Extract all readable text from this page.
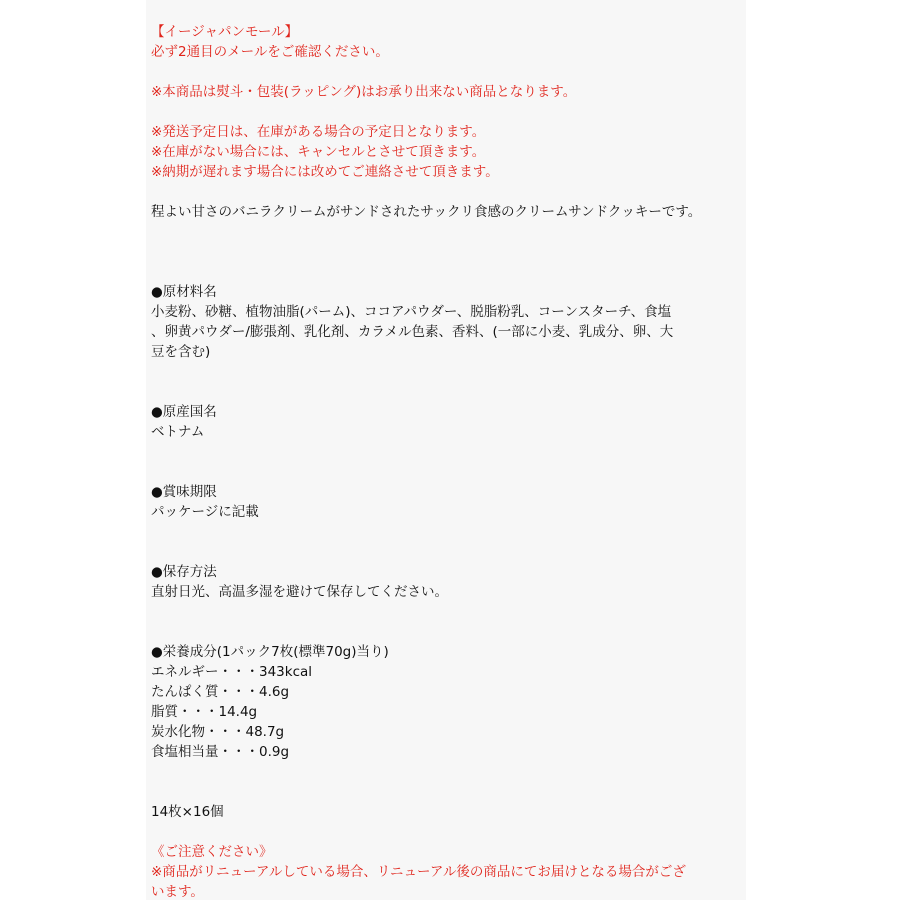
【イージャパンモール】
必ず2通目のメールをご確認ください。
※本商品は熨斗・包装(ラッピング)はお承り出来ない商品となります。
※発送予定日は、在庫がある場合の予定日となります。
※在庫がない場合には、キャンセルとさせて頂きます。
※納期が遅れます場合には改めてご連絡させて頂きます。
程よい甘さのバニラクリームがサンドされたサックリ食感のクリームサンドクッキーです。
●原材料名
小麦粉、砂糖、植物油脂(パーム)、ココアパウダー、脱脂粉乳、コーンスターチ、食塩
、卵黄パウダー/膨張剤、乳化剤、カラメル色素、香料、(一部に小麦、乳成分、卵、大
豆を含む)
●原産国名
ベトナム
●賞味期限
パッケージに記載
●保存方法
直射日光、高温多湿を避けて保存してください。
●栄養成分(1パック7枚(標準70g)当り)
エネルギー・・・343kcal
たんぱく質・・・4.6g
脂質・・・14.4g
炭水化物・・・48.7g
食塩相当量・・・0.9g
14枚×16個
《ご注意ください》
※商品がリニューアルしている場合、リニューアル後の商品にてお届けとなる場合がござ
います。
